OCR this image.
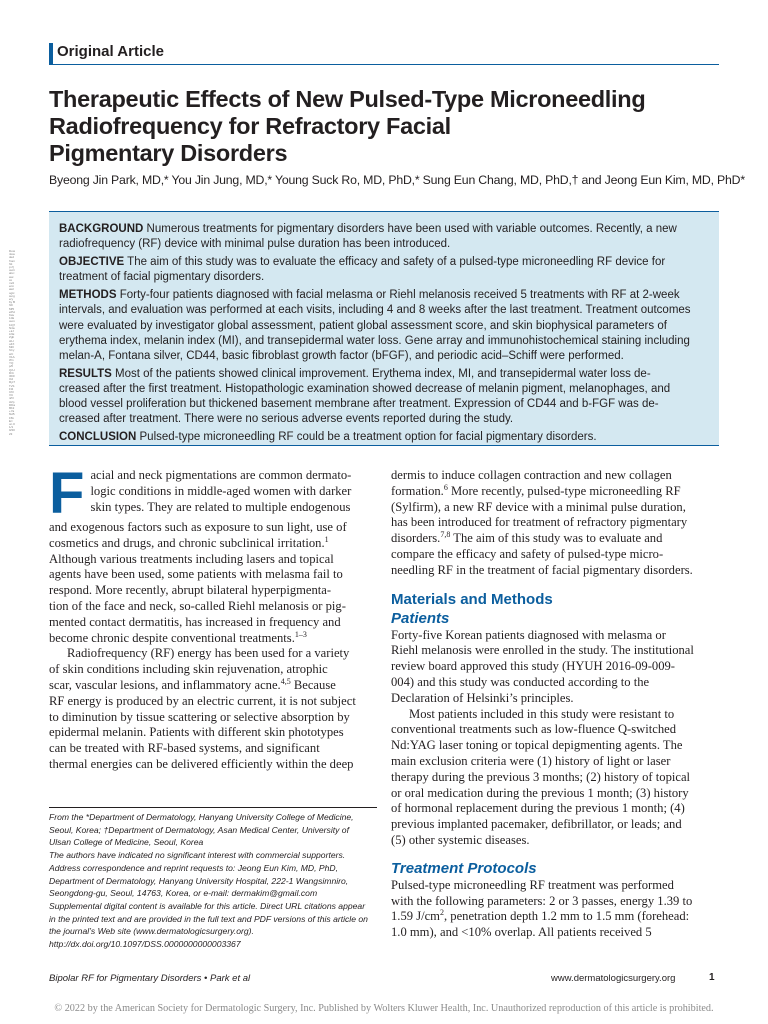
Original Article
Therapeutic Effects of New Pulsed-Type Microneedling
Radiofrequency for Refractory Facial
Pigmentary Disorders
Byeong Jin Park, MD,* You Jin Jung, MD,* Young Suck Ro, MD, PhD,* Sung Eun Chang, MD, PhD,† and Jeong Eun Kim, MD, PhD*
Downloaded from http://journals.lww.com/dermatologicsurgery by BhDMf5ePHKav1zEoum1tQfN4a+kJLhEZgbsIHo4XMi0hCywCX1AWnYQp/IlQrHD3i3D0OdRyi7TvSFl4Cf3VC4/OAVpDDa8K2+Ya6H515kE= on 01/10/2023
BACKGROUND Numerous treatments for pigmentary disorders have been used with variable outcomes. Recently, a new
radiofrequency (RF) device with minimal pulse duration has been introduced.
OBJECTIVE The aim of this study was to evaluate the efficacy and safety of a pulsed-type microneedling RF device for
treatment of facial pigmentary disorders.
METHODS Forty-four patients diagnosed with facial melasma or Riehl melanosis received 5 treatments with RF at 2-week
intervals, and evaluation was performed at each visits, including 4 and 8 weeks after the last treatment. Treatment outcomes
were evaluated by investigator global assessment, patient global assessment score, and skin biophysical parameters of
erythema index, melanin index (MI), and transepidermal water loss. Gene array and immunohistochemical staining including
melan-A, Fontana silver, CD44, basic fibroblast growth factor (bFGF), and periodic acid–Schiff were performed.
RESULTS Most of the patients showed clinical improvement. Erythema index, MI, and transepidermal water loss de-
creased after the first treatment. Histopathologic examination showed decrease of melanin pigment, melanophages, and
blood vessel proliferation but thickened basement membrane after treatment. Expression of CD44 and b-FGF was de-
creased after treatment. There were no serious adverse events reported during the study.
CONCLUSION Pulsed-type microneedling RF could be a treatment option for facial pigmentary disorders.
F acial and neck pigmentations are common dermato-
logic conditions in middle-aged women with darker
skin types. They are related to multiple endogenous
and exogenous factors such as exposure to sun light, use of
cosmetics and drugs, and chronic subclinical irritation.$^1$
Although various treatments including lasers and topical
agents have been used, some patients with melasma fail to
respond. More recently, abrupt bilateral hyperpigmenta-
tion of the face and neck, so-called Riehl melanosis or pig-
mented contact dermatitis, has increased in frequency and
become chronic despite conventional treatments.$^{1-3}$
Radiofrequency (RF) energy has been used for a variety
of skin conditions including skin rejuvenation, atrophic
scar, vascular lesions, and inflammatory acne.$^{4,5}$ Because
RF energy is produced by an electric current, it is not subject
to diminution by tissue scattering or selective absorption by
epidermal melanin. Patients with different skin phototypes
can be treated with RF-based systems, and significant
thermal energies can be delivered efficiently within the deep
From the *Department of Dermatology, Hanyang University College of Medicine,
Seoul, Korea; †Department of Dermatology, Asan Medical Center, University of
Ulsan College of Medicine, Seoul, Korea
The authors have indicated no significant interest with commercial supporters.
Address correspondence and reprint requests to: Jeong Eun Kim, MD, PhD,
Department of Dermatology, Hanyang University Hospital, 222-1 Wangsimniro,
Seongdong-gu, Seoul, 14763, Korea, or e-mail: dermakim@gmail.com
Supplemental digital content is available for this article. Direct URL citations appear
in the printed text and are provided in the full text and PDF versions of this article on
the journal’s Web site (www.dermatologicsurgery.org).
http://dx.doi.org/10.1097/DSS.0000000000003367
dermis to induce collagen contraction and new collagen
formation.$^6$ More recently, pulsed-type microneedling RF
(Sylfirm), a new RF device with a minimal pulse duration,
has been introduced for treatment of refractory pigmentary
disorders.$^{7,8}$ The aim of this study was to evaluate and
compare the efficacy and safety of pulsed-type micro-
needling RF in the treatment of facial pigmentary disorders.
Materials and Methods
Patients
Forty-five Korean patients diagnosed with melasma or
Riehl melanosis were enrolled in the study. The institutional
review board approved this study (HYUH 2016-09-009-
004) and this study was conducted according to the
Declaration of Helsinki’s principles.
Most patients included in this study were resistant to
conventional treatments such as low-fluence Q-switched
Nd:YAG laser toning or topical depigmenting agents. The
main exclusion criteria were (1) history of light or laser
therapy during the previous 3 months; (2) history of topical
or oral medication during the previous 1 month; (3) history
of hormonal replacement during the previous 1 month; (4)
previous implanted pacemaker, defibrillator, or leads; and
(5) other systemic diseases.
Treatment Protocols
Pulsed-type microneedling RF treatment was performed
with the following parameters: 2 or 3 passes, energy 1.39 to
1.59 $J/cm^2$, penetration depth 1.2 mm to 1.5 mm (forehead:
1.0 mm), and <10% overlap. All patients received 5
Bipolar RF for Pigmentary Disorders • Park et al	www.dermatologicsurgery.org	1
© 2022 by the American Society for Dermatologic Surgery, Inc. Published by Wolters Kluwer Health, Inc. Unauthorized reproduction of this article is prohibited.
